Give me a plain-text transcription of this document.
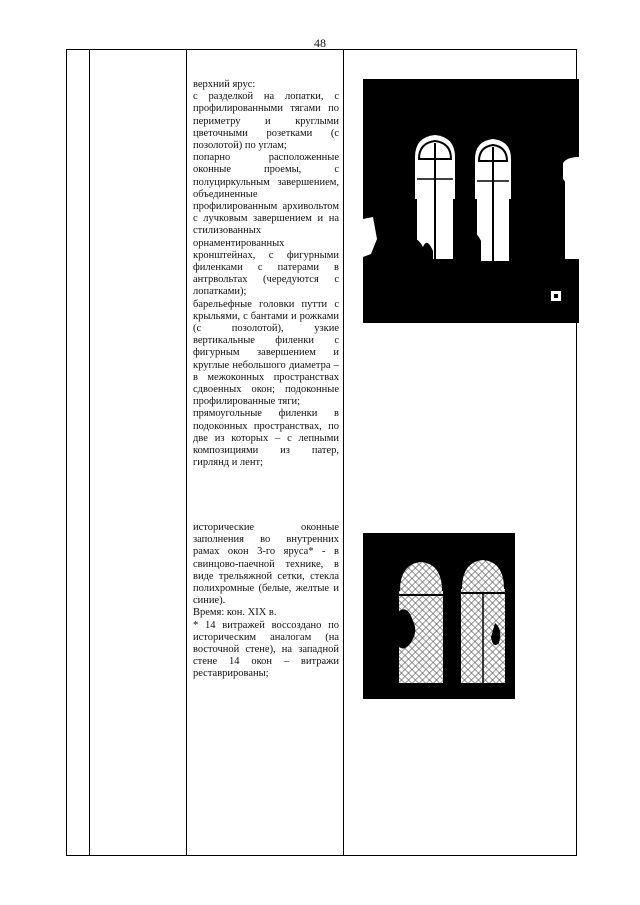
48

верхний ярус:

с разделкой на лопатки, с профилированными тягами по периметру и круглыми цветочными розетками (с позолотой) по углам;

попарно расположенные оконные проемы, с полуциркульным завершением, объединенные профилированным архивольтом с лучковым завершением и на стилизованных орнаментированных кронштейнах, с фигурными филенками с патерами в антрвольтах (чередуются с лопатками);

барельефные головки путти с крыльями, с бантами и рожками (с позолотой), узкие вертикальные филенки с фигурным завершением и круглые небольшого диаметра – в межоконных пространствах сдвоенных окон; подоконные профилированные тяги;

прямоугольные филенки в подоконных пространствах, по две из которых – с лепными композициями из патер, гирлянд и лент;

исторические оконные заполнения во внутренних рамах окон 3-го яруса* - в свинцово-паечной технике, в виде трельяжной сетки, стекла полихромные (белые, желтые и синие).

Время: кон. XIX в.

* 14 витражей воссоздано по историческим аналогам (на восточной стене), на западной стене 14 окон – витражи реставрированы;
